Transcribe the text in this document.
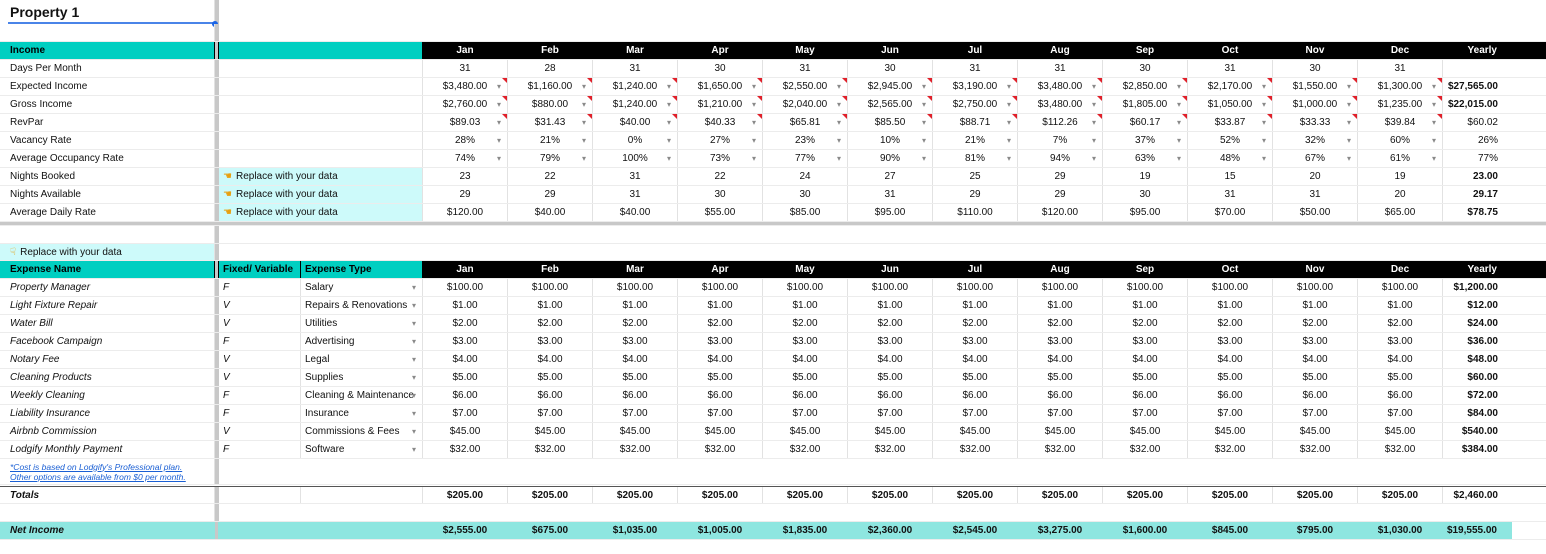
Property 1
Income	Jan	Feb	Mar	Apr	May	Jun	Jul	Aug	Sep	Oct	Nov	Dec	Yearly
Days Per Month	31	28	31	30	31	30	31	31	30	31	30	31
Expected Income	$3,480.00 ▾	$1,160.00 ▾	$1,240.00 ▾	$1,650.00 ▾	$2,550.00 ▾	$2,945.00 ▾	$3,190.00 ▾	$3,480.00 ▾	$2,850.00 ▾	$2,170.00 ▾	$1,550.00 ▾	$1,300.00 ▾	$27,565.00
Gross Income	$2,760.00 ▾	$880.00 ▾	$1,240.00 ▾	$1,210.00 ▾	$2,040.00 ▾	$2,565.00 ▾	$2,750.00 ▾	$3,480.00 ▾	$1,805.00 ▾	$1,050.00 ▾	$1,000.00 ▾	$1,235.00 ▾	$22,015.00
RevPar	$89.03 ▾	$31.43 ▾	$40.00 ▾	$40.33 ▾	$65.81 ▾	$85.50 ▾	$88.71 ▾	$112.26 ▾	$60.17 ▾	$33.87 ▾	$33.33 ▾	$39.84 ▾	$60.02
Vacancy Rate	28% ▾	21% ▾	0% ▾	27% ▾	23% ▾	10% ▾	21% ▾	7% ▾	37% ▾	52% ▾	32% ▾	60% ▾	26%
Average Occupancy Rate	74% ▾	79% ▾	100% ▾	73% ▾	77% ▾	90% ▾	81% ▾	94% ▾	63% ▾	48% ▾	67% ▾	61% ▾	77%
Nights Booked	☚ Replace with your data	23	22	31	22	24	27	25	29	19	15	20	19	23.00
Nights Available	☚ Replace with your data	29	29	31	30	30	31	29	29	30	31	31	20	29.17
Average Daily Rate	☚ Replace with your data	$120.00	$40.00	$40.00	$55.00	$85.00	$95.00	$110.00	$120.00	$95.00	$70.00	$50.00	$65.00	$78.75
☟ Replace with your data
Expense Name	Fixed/ Variable	Expense Type	Jan	Feb	Mar	Apr	May	Jun	Jul	Aug	Sep	Oct	Nov	Dec	Yearly
Property Manager	F	Salary ▾	$100.00	$100.00	$100.00	$100.00	$100.00	$100.00	$100.00	$100.00	$100.00	$100.00	$100.00	$100.00	$1,200.00
Light Fixture Repair	V	Repairs & Renovations ▾	$1.00	$1.00	$1.00	$1.00	$1.00	$1.00	$1.00	$1.00	$1.00	$1.00	$1.00	$1.00	$12.00
Water Bill	V	Utilities ▾	$2.00	$2.00	$2.00	$2.00	$2.00	$2.00	$2.00	$2.00	$2.00	$2.00	$2.00	$2.00	$24.00
Facebook Campaign	F	Advertising ▾	$3.00	$3.00	$3.00	$3.00	$3.00	$3.00	$3.00	$3.00	$3.00	$3.00	$3.00	$3.00	$36.00
Notary Fee	V	Legal ▾	$4.00	$4.00	$4.00	$4.00	$4.00	$4.00	$4.00	$4.00	$4.00	$4.00	$4.00	$4.00	$48.00
Cleaning Products	V	Supplies ▾	$5.00	$5.00	$5.00	$5.00	$5.00	$5.00	$5.00	$5.00	$5.00	$5.00	$5.00	$5.00	$60.00
Weekly Cleaning	F	Cleaning & Maintenance ▾	$6.00	$6.00	$6.00	$6.00	$6.00	$6.00	$6.00	$6.00	$6.00	$6.00	$6.00	$6.00	$72.00
Liability Insurance	F	Insurance ▾	$7.00	$7.00	$7.00	$7.00	$7.00	$7.00	$7.00	$7.00	$7.00	$7.00	$7.00	$7.00	$84.00
Airbnb Commission	V	Commissions & Fees ▾	$45.00	$45.00	$45.00	$45.00	$45.00	$45.00	$45.00	$45.00	$45.00	$45.00	$45.00	$45.00	$540.00
Lodgify Monthly Payment	F	Software ▾	$32.00	$32.00	$32.00	$32.00	$32.00	$32.00	$32.00	$32.00	$32.00	$32.00	$32.00	$32.00	$384.00
*Cost is based on Lodgify's Professional plan.
Other options are available from $0 per month.
Totals	$205.00	$205.00	$205.00	$205.00	$205.00	$205.00	$205.00	$205.00	$205.00	$205.00	$205.00	$205.00	$2,460.00
Net Income	$2,555.00	$675.00	$1,035.00	$1,005.00	$1,835.00	$2,360.00	$2,545.00	$3,275.00	$1,600.00	$845.00	$795.00	$1,030.00	$19,555.00
